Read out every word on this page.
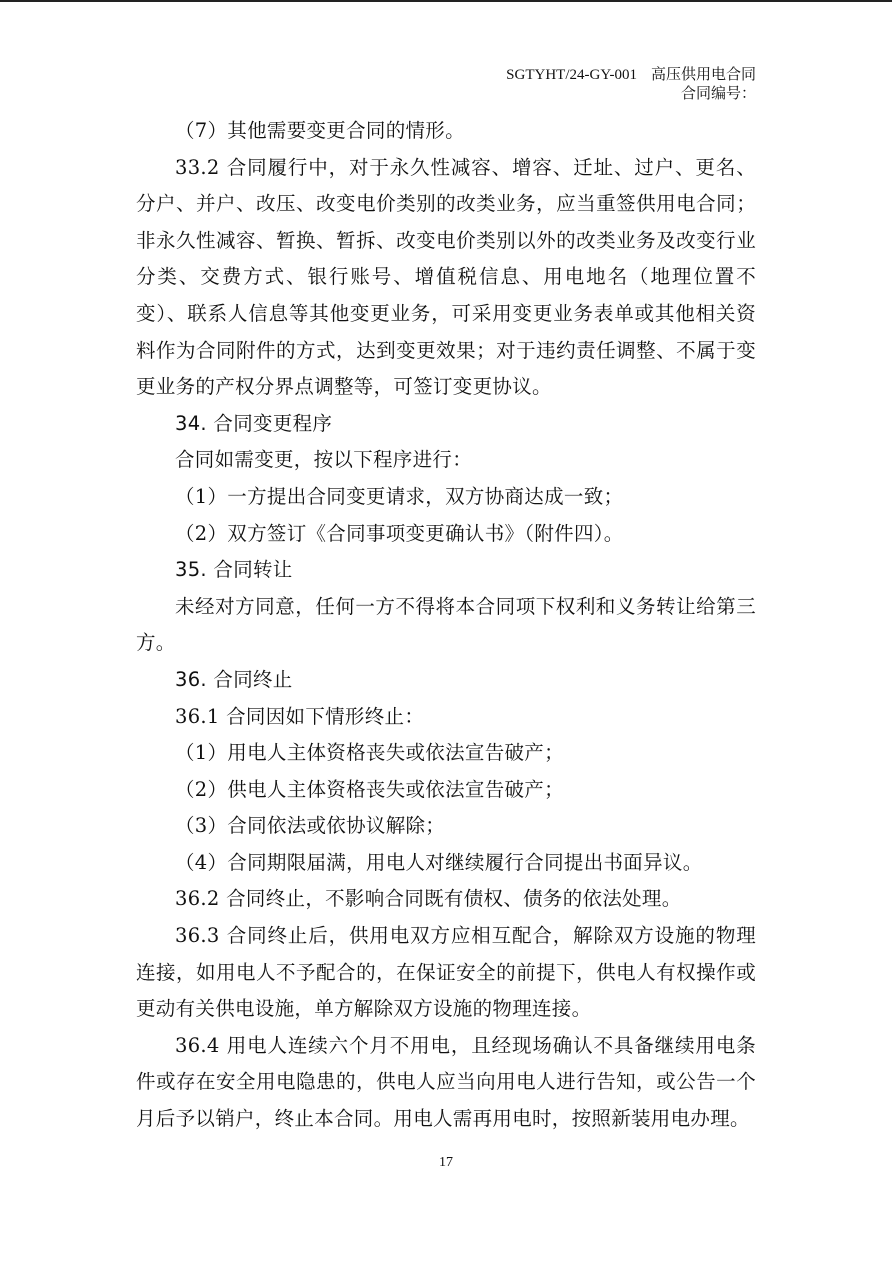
SGTYHT/24-GY-001 高压供用电合同
合同编号：

（7）其他需要变更合同的情形。

33.2 合同履行中，对于永久性减容、增容、迁址、过户、更名、分户、并户、改压、改变电价类别的改类业务，应当重签供用电合同；非永久性减容、暂换、暂拆、改变电价类别以外的改类业务及改变行业分类、交费方式、银行账号、增值税信息、用电地名（地理位置不变）、联系人信息等其他变更业务，可采用变更业务表单或其他相关资料作为合同附件的方式，达到变更效果；对于违约责任调整、不属于变更业务的产权分界点调整等，可签订变更协议。

34. 合同变更程序

合同如需变更，按以下程序进行：

（1）一方提出合同变更请求，双方协商达成一致；

（2）双方签订《合同事项变更确认书》（附件四）。

35. 合同转让

未经对方同意，任何一方不得将本合同项下权利和义务转让给第三方。

36. 合同终止

36.1 合同因如下情形终止：

（1）用电人主体资格丧失或依法宣告破产；

（2）供电人主体资格丧失或依法宣告破产；

（3）合同依法或依协议解除；

（4）合同期限届满，用电人对继续履行合同提出书面异议。

36.2 合同终止，不影响合同既有债权、债务的依法处理。

36.3 合同终止后，供用电双方应相互配合，解除双方设施的物理连接，如用电人不予配合的，在保证安全的前提下，供电人有权操作或更动有关供电设施，单方解除双方设施的物理连接。

36.4 用电人连续六个月不用电，且经现场确认不具备继续用电条件或存在安全用电隐患的，供电人应当向用电人进行告知，或公告一个月后予以销户，终止本合同。用电人需再用电时，按照新装用电办理。

17
